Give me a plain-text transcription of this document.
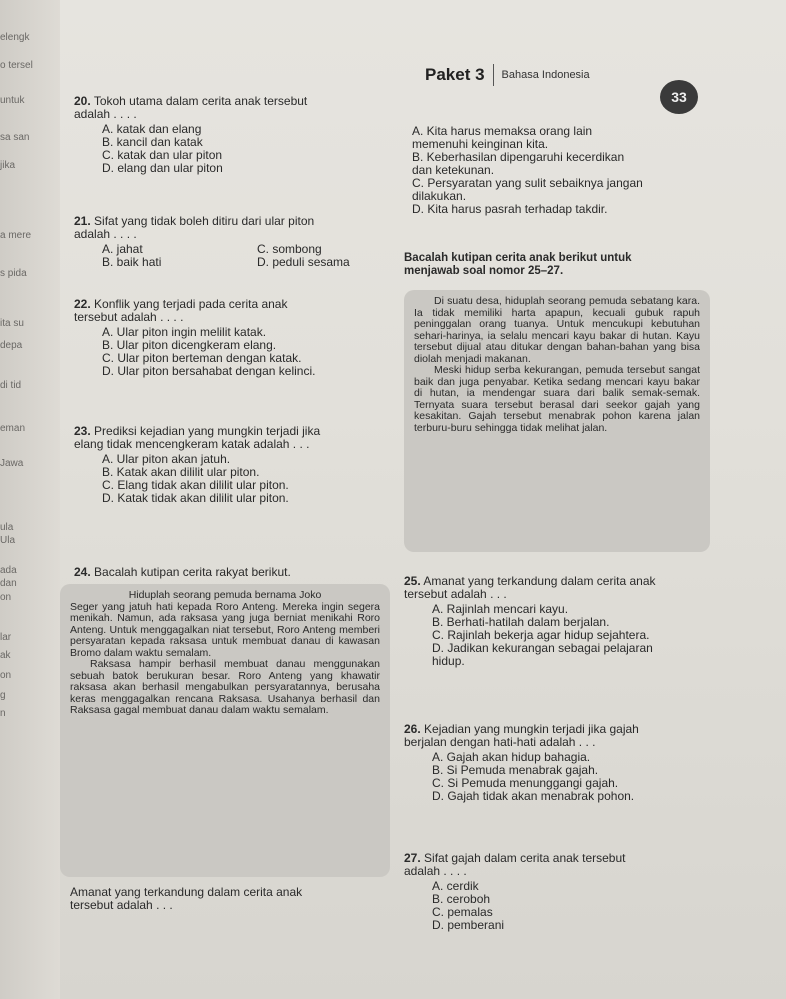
elengk
o tersel
untuk
sa san
jika
a mere
s pida
ita su
depa
di tid
eman
Jawa
ula
Ula
ada
dan
on
lar
ak
on
g
n
Paket 3 Bahasa Indonesia
33
20. Tokoh utama dalam cerita anak tersebut
adalah . . . .
A. katak dan elang
B. kancil dan katak
C. katak dan ular piton
D. elang dan ular piton
21. Sifat yang tidak boleh ditiru dari ular piton
adalah . . . .
A. jahat	C. sombong
B. baik hati	D. peduli sesama
22. Konflik yang terjadi pada cerita anak
tersebut adalah . . . .
A. Ular piton ingin melilit katak.
B. Ular piton dicengkeram elang.
C. Ular piton berteman dengan katak.
D. Ular piton bersahabat dengan kelinci.
23. Prediksi kejadian yang mungkin terjadi jika
elang tidak mencengkeram katak adalah . . .
A. Ular piton akan jatuh.
B. Katak akan dililit ular piton.
C. Elang tidak akan dililit ular piton.
D. Katak tidak akan dililit ular piton.
24. Bacalah kutipan cerita rakyat berikut.

Hiduplah seorang pemuda bernama Joko

Seger yang jatuh hati kepada Roro Anteng. Mereka ingin segera menikah. Namun, ada raksasa yang juga berniat menikahi Roro Anteng. Untuk menggagalkan niat tersebut, Roro Anteng memberi persyaratan kepada raksasa untuk membuat danau di kawasan Bromo dalam waktu semalam.

Raksasa hampir berhasil membuat danau menggunakan sebuah batok berukuran besar. Roro Anteng yang khawatir raksasa akan berhasil mengabulkan persyaratannya, berusaha keras menggagalkan rencana Raksasa. Usahanya berhasil dan Raksasa gagal membuat danau dalam waktu semalam.

Amanat yang terkandung dalam cerita anak
tersebut adalah . . .
A. Kita harus memaksa orang lain
memenuhi keinginan kita.
B. Keberhasilan dipengaruhi kecerdikan
dan ketekunan.
C. Persyaratan yang sulit sebaiknya jangan
dilakukan.
D. Kita harus pasrah terhadap takdir.
Bacalah kutipan cerita anak berikut untuk
menjawab soal nomor 25–27.

Di suatu desa, hiduplah seorang pemuda sebatang kara. Ia tidak memiliki harta apapun, kecuali gubuk rapuh peninggalan orang tuanya. Untuk mencukupi kebutuhan sehari-harinya, ia selalu mencari kayu bakar di hutan. Kayu tersebut dijual atau ditukar dengan bahan-bahan yang bisa diolah menjadi makanan.

Meski hidup serba kekurangan, pemuda tersebut sangat baik dan juga penyabar. Ketika sedang mencari kayu bakar di hutan, ia mendengar suara dari balik semak-semak. Ternyata suara tersebut berasal dari seekor gajah yang kesakitan. Gajah tersebut menabrak pohon karena jalan terburu-buru sehingga tidak melihat jalan.

25. Amanat yang terkandung dalam cerita anak
tersebut adalah . . .
A. Rajinlah mencari kayu.
B. Berhati-hatilah dalam berjalan.
C. Rajinlah bekerja agar hidup sejahtera.
D. Jadikan kekurangan sebagai pelajaran
hidup.
26. Kejadian yang mungkin terjadi jika gajah
berjalan dengan hati-hati adalah . . .
A. Gajah akan hidup bahagia.
B. Si Pemuda menabrak gajah.
C. Si Pemuda menunggangi gajah.
D. Gajah tidak akan menabrak pohon.
27. Sifat gajah dalam cerita anak tersebut
adalah . . . .
A. cerdik
B. ceroboh
C. pemalas
D. pemberani
